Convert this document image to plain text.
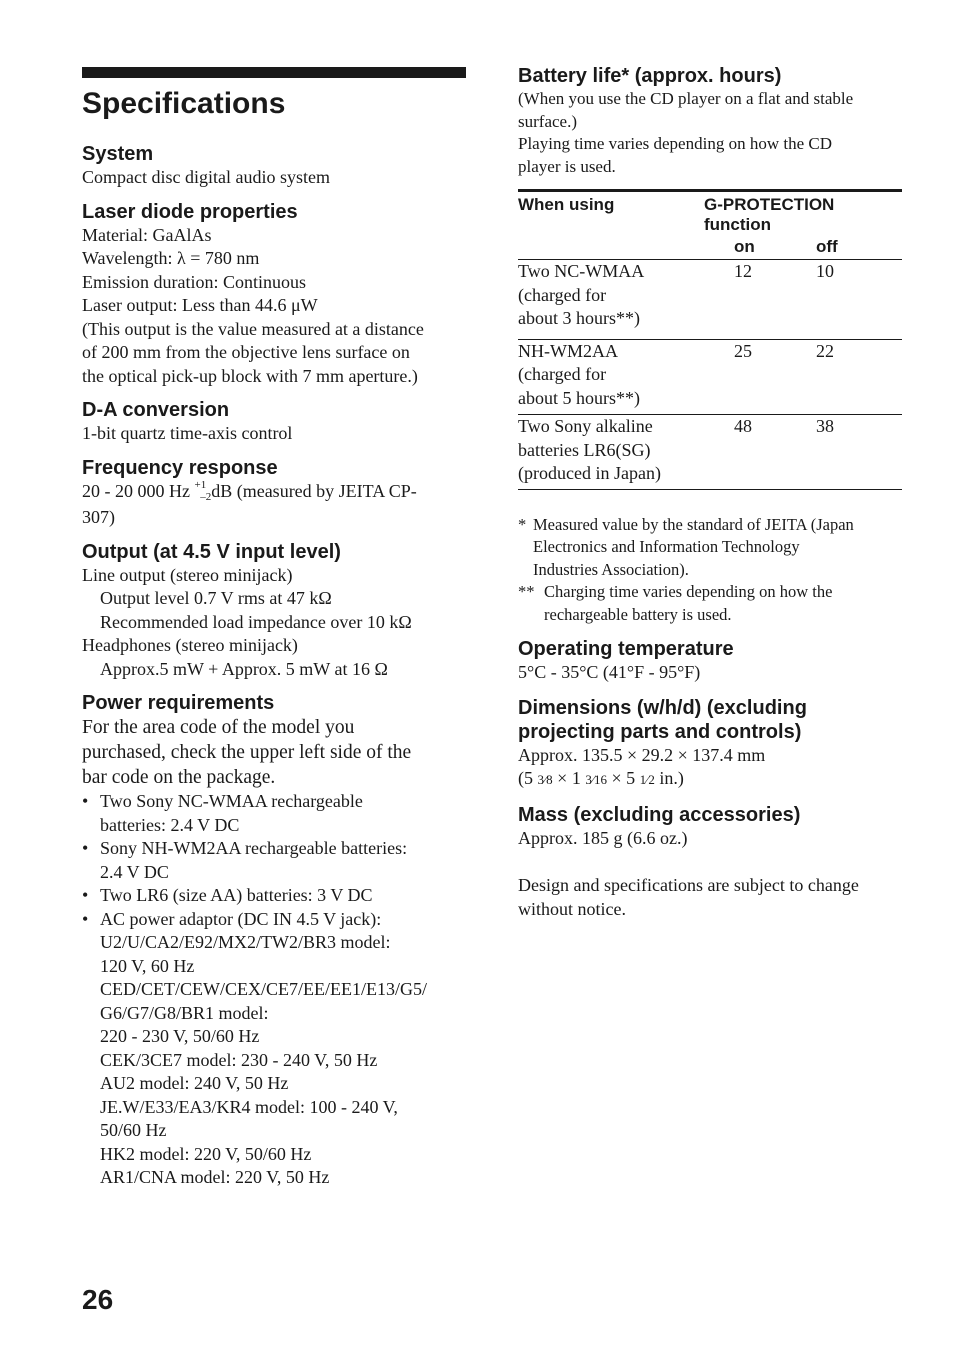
Specifications
System

Compact disc digital audio system

Laser diode properties

Material: GaAlAs

Wavelength: λ = 780 nm

Emission duration: Continuous

Laser output: Less than 44.6 μW

(This output is the value measured at a distance

of 200 mm from the objective lens surface on

the optical pick-up block with 7 mm aperture.)

D-A conversion

1-bit quartz time-axis control

Frequency response

20 - 20 000 Hz $^{+1}$–2dB (measured by JEITA CP-

307)

Output (at 4.5 V input level)

Line output (stereo minijack)

Output level 0.7 V rms at 47 kΩ

Recommended load impedance over 10 kΩ

Headphones (stereo minijack)

Approx.5 mW + Approx. 5 mW at 16 Ω

Power requirements

For the area code of the model you

purchased, check the upper left side of the

bar code on the package.

• Two Sony NC-WMAA rechargeable
batteries: 2.4 V DC
• Sony NH-WM2AA rechargeable batteries:
2.4 V DC
• Two LR6 (size AA) batteries: 3 V DC
• AC power adaptor (DC IN 4.5 V jack):
U2/U/CA2/E92/MX2/TW2/BR3 model:
120 V, 60 Hz
CED/CET/CEW/CEX/CE7/EE/EE1/E13/G5/
G6/G7/G8/BR1 model:
220 - 230 V, 50/60 Hz
CEK/3CE7 model: 230 - 240 V, 50 Hz
AU2 model: 240 V, 50 Hz
JE.W/E33/EA3/KR4 model: 100 - 240 V,
50/60 Hz
HK2 model: 220 V, 50/60 Hz
AR1/CNA model: 220 V, 50 Hz
Battery life* (approx. hours)

(When you use the CD player on a flat and stable

surface.)

Playing time varies depending on how the CD

player is used.

When using	G-PROTECTION function
on off	

Two NC-WMAA
(charged for
about 3 hours**)	12	10

NH-WM2AA
(charged for
about 5 hours**)	25	22

Two Sony alkaline
batteries LR6(SG)
(produced in Japan)	48	38
* Measured value by the standard of JEITA (Japan
Electronics and Information Technology
Industries Association).
** Charging time varies depending on how the
rechargeable battery is used.
Operating temperature

5°C - 35°C (41°F - 95°F)

Dimensions (w/h/d) (excluding
projecting parts and controls)

Approx. 135.5 × 29.2 × 137.4 mm

(5 3⁄8 × 1 3⁄16 × 5 1⁄2 in.)

Mass (excluding accessories)

Approx. 185 g (6.6 oz.)

Design and specifications are subject to change

without notice.

26
